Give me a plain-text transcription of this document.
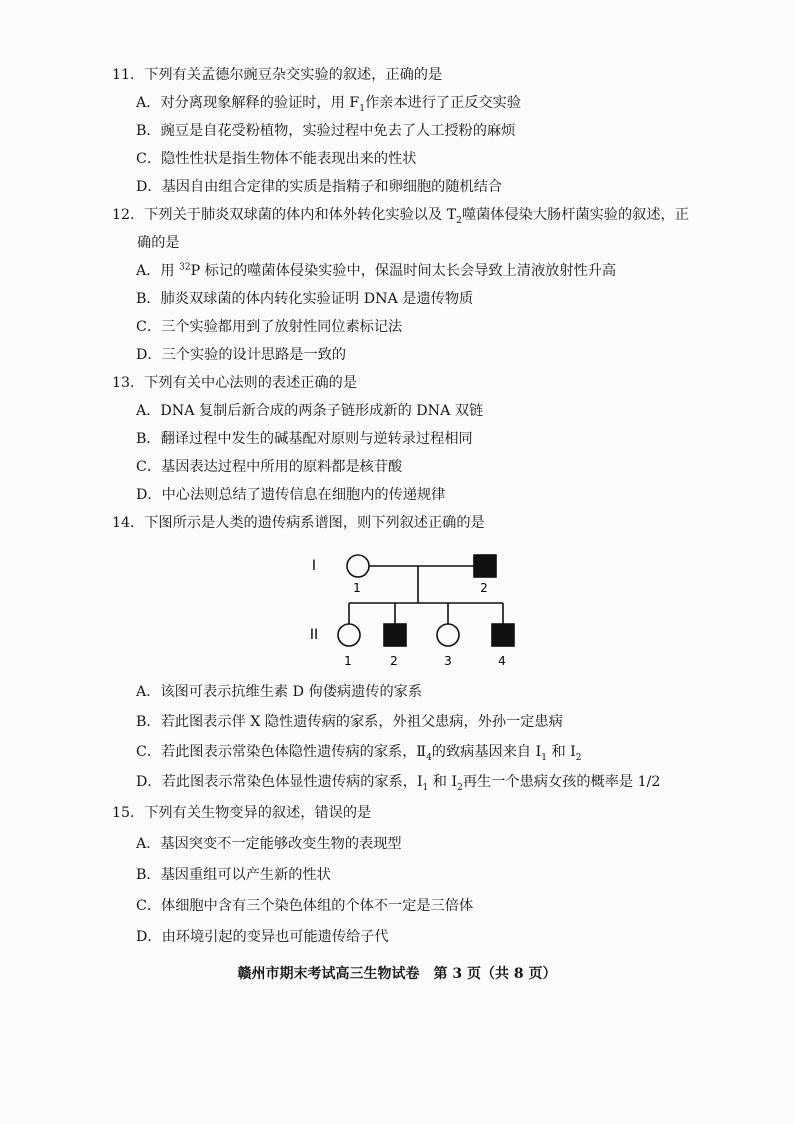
11．下列有关孟德尔豌豆杂交实验的叙述，正确的是
A．对分离现象解释的验证时，用 $F_1$作亲本进行了正反交实验
B．豌豆是自花受粉植物，实验过程中免去了人工授粉的麻烦
C．隐性性状是指生物体不能表现出来的性状
D．基因自由组合定律的实质是指精子和卵细胞的随机结合
12．下列关于肺炎双球菌的体内和体外转化实验以及 $T_2$噬菌体侵染大肠杆菌实验的叙述，正
确的是
A．用 $^{32}$P 标记的噬菌体侵染实验中，保温时间太长会导致上清液放射性升高
B．肺炎双球菌的体内转化实验证明 DNA 是遗传物质
C．三个实验都用到了放射性同位素标记法
D．三个实验的设计思路是一致的
13．下列有关中心法则的表述正确的是
A．DNA 复制后新合成的两条子链形成新的 DNA 双链
B．翻译过程中发生的碱基配对原则与逆转录过程相同
C．基因表达过程中所用的原料都是核苷酸
D．中心法则总结了遗传信息在细胞内的传递规律
14．下图所示是人类的遗传病系谱图，则下列叙述正确的是
I
II
1	2
1	2	3	4
A．该图可表示抗维生素 D 佝偻病遗传的家系
B．若此图表示伴 X 隐性遗传病的家系，外祖父患病，外孙一定患病
C．若此图表示常染色体隐性遗传病的家系，$Ⅱ_4$的致病基因来自 $I_1$ 和 $I_2$
D．若此图表示常染色体显性遗传病的家系，$I_1$ 和 $I_2$再生一个患病女孩的概率是 1/2
15．下列有关生物变异的叙述，错误的是
A．基因突变不一定能够改变生物的表现型
B．基因重组可以产生新的性状
C．体细胞中含有三个染色体组的个体不一定是三倍体
D．由环境引起的变异也可能遗传给子代
赣州市期末考试高三生物试卷　第 3 页（共 8 页）
